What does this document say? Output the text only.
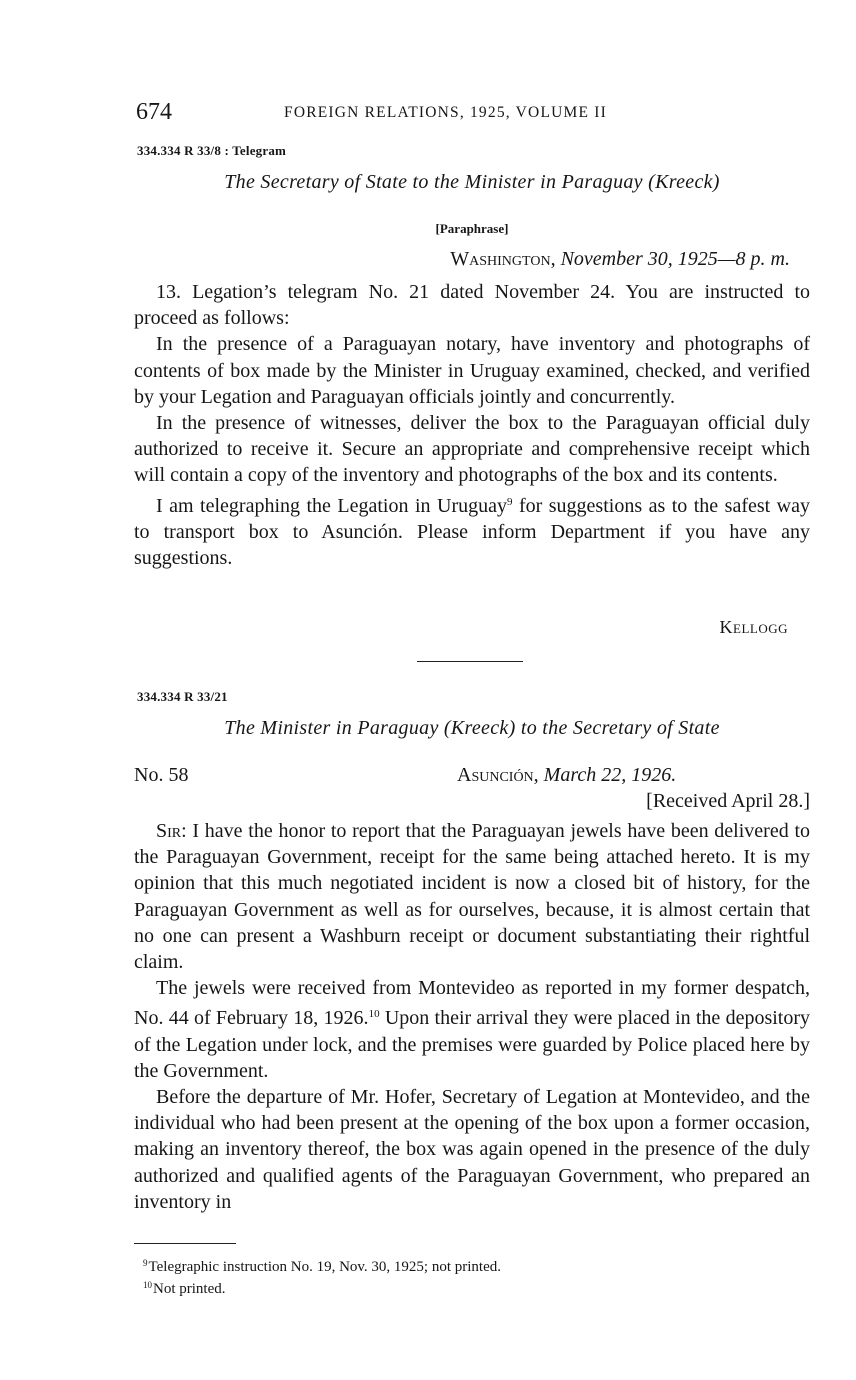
674	FOREIGN RELATIONS, 1925, VOLUME II
334.334 R 33/8 : Telegram
The Secretary of State to the Minister in Paraguay (Kreeck)
[Paraphrase]
Washington, November 30, 1925—8 p. m.

13. Legation’s telegram No. 21 dated November 24. You are instructed to proceed as follows:

In the presence of a Paraguayan notary, have inventory and photographs of contents of box made by the Minister in Uruguay examined, checked, and verified by your Legation and Paraguayan officials jointly and concurrently.

In the presence of witnesses, deliver the box to the Paraguayan official duly authorized to receive it. Secure an appropriate and comprehensive receipt which will contain a copy of the inventory and photographs of the box and its contents.

I am telegraphing the Legation in Uruguay$^9$ for suggestions as to the safest way to transport box to Asunción. Please inform Department if you have any suggestions.

Kellogg
334.334 R 33/21
The Minister in Paraguay (Kreeck) to the Secretary of State
No. 58	Asunción, March 22, 1926.
[Received April 28.]

Sir: I have the honor to report that the Paraguayan jewels have been delivered to the Paraguayan Government, receipt for the same being attached hereto. It is my opinion that this much negotiated incident is now a closed bit of history, for the Paraguayan Government as well as for ourselves, because, it is almost certain that no one can present a Washburn receipt or document substantiating their rightful claim.

The jewels were received from Montevideo as reported in my former despatch, No. 44 of February 18, 1926.10 Upon their arrival they were placed in the depository of the Legation under lock, and the premises were guarded by Police placed here by the Government.

Before the departure of Mr. Hofer, Secretary of Legation at Montevideo, and the individual who had been present at the opening of the box upon a former occasion, making an inventory thereof, the box was again opened in the presence of the duly authorized and qualified agents of the Paraguayan Government, who prepared an inventory in

$^9$Telegraphic instruction No. 19, Nov. 30, 1925; not printed.
$^{10}$Not printed.
